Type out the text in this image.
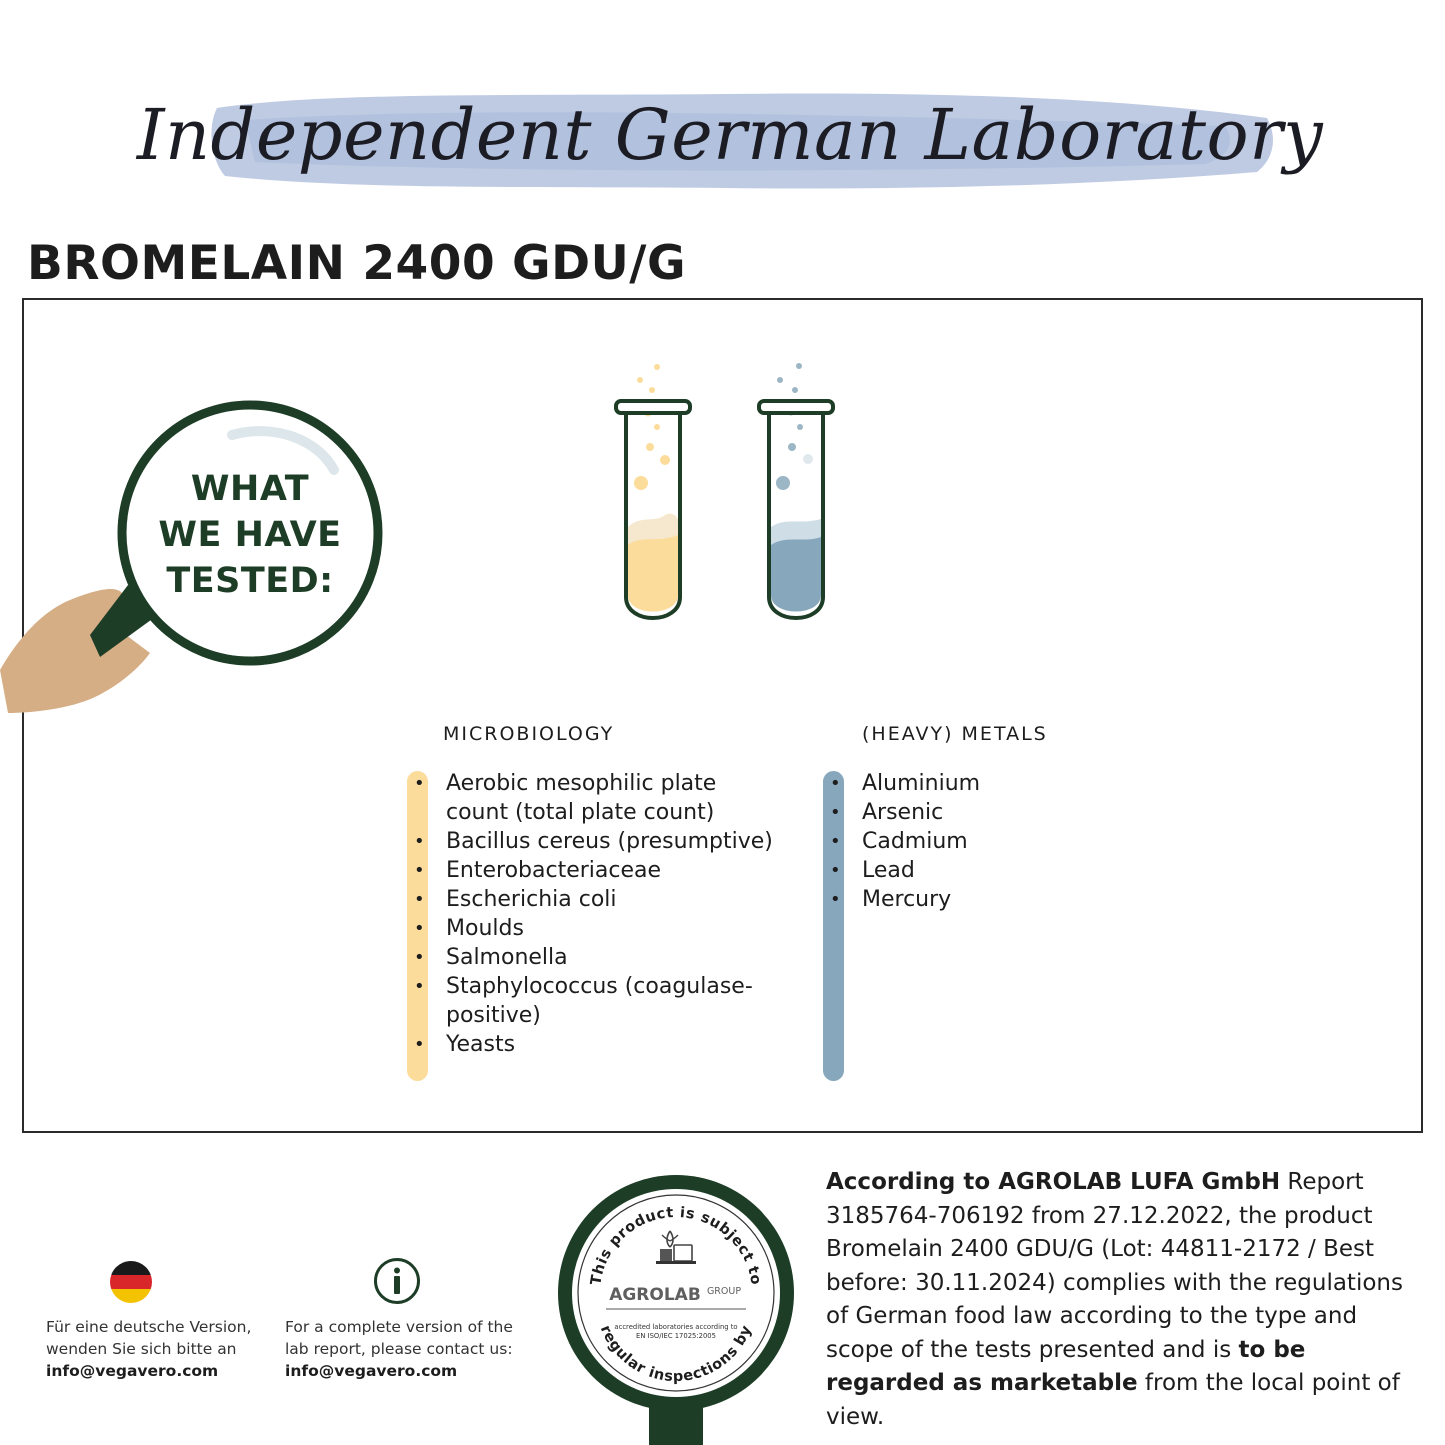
Independent German Laboratory
BROMELAIN 2400 GDU/G
WHAT
WE HAVE
TESTED:
MICROBIOLOGY	(HEAVY) METALS
• Aerobic mesophilic plate count (total plate count)
• Bacillus cereus (presumptive)
• Enterobacteriaceae
• Escherichia coli
• Moulds
• Salmonella
• Staphylococcus (coagulase-positive)
• Yeasts
• Aluminium
• Arsenic
• Cadmium
• Lead
• Mercury
Für eine deutsche Version,
wenden Sie sich bitte an
info@vegavero.com
For a complete version of the
lab report, please contact us:
info@vegavero.com
This product is subject to
regular inspections by
AGROLAB GROUP
accredited laboratories according to
EN ISO/IEC 17025:2005
According to AGROLAB LUFA GmbH Report 3185764-706192 from 27.12.2022, the product Bromelain 2400 GDU/G (Lot: 44811-2172 / Best before: 30.11.2024) complies with the regulations of German food law according to the type and scope of the tests presented and is to be regarded as marketable from the local point of view.
